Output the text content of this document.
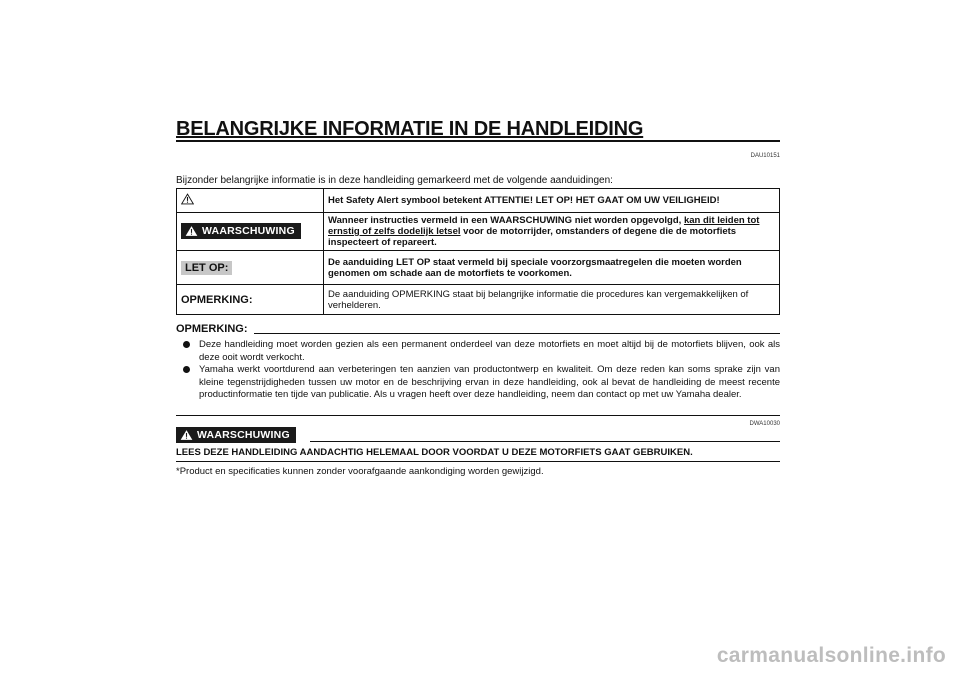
BELANGRIJKE INFORMATIE IN DE HANDLEIDING
DAU10151
Bijzonder belangrijke informatie is in deze handleiding gemarkeerd met de volgende aanduidingen:
	Het Safety Alert symbool betekent ATTENTIE! LET OP! HET GAAT OM UW VEILIGHEID!

WAARSCHUWING	Wanneer instructies vermeld in een WAARSCHUWING niet worden opgevolgd, kan dit leiden tot ernstig of zelfs dodelijk letsel voor de motorrijder, omstanders of degene die de motorfiets inspecteert of repareert.
LET OP:	De aanduiding LET OP staat vermeld bij speciale voorzorgsmaatregelen die moeten worden genomen om schade aan de motorfiets te voorkomen.
OPMERKING:	De aanduiding OPMERKING staat bij belangrijke informatie die procedures kan vergemakkelijken of verhelderen.
OPMERKING:
Deze handleiding moet worden gezien als een permanent onderdeel van deze motorfiets en moet altijd bij de motorfiets blijven, ook als deze ooit wordt verkocht.
Yamaha werkt voortdurend aan verbeteringen ten aanzien van productontwerp en kwaliteit. Om deze reden kan soms sprake zijn van kleine tegenstrijdigheden tussen uw motor en de beschrijving ervan in deze handleiding, ook al bevat de handleiding de meest recente productinformatie ten tijde van publicatie. Als u vragen heeft over deze handleiding, neem dan contact op met uw Yamaha dealer.
DWA10030
WAARSCHUWING
LEES DEZE HANDLEIDING AANDACHTIG HELEMAAL DOOR VOORDAT U DEZE MOTORFIETS GAAT GEBRUIKEN.
*Product en specificaties kunnen zonder voorafgaande aankondiging worden gewijzigd.
carmanualsonline.info
